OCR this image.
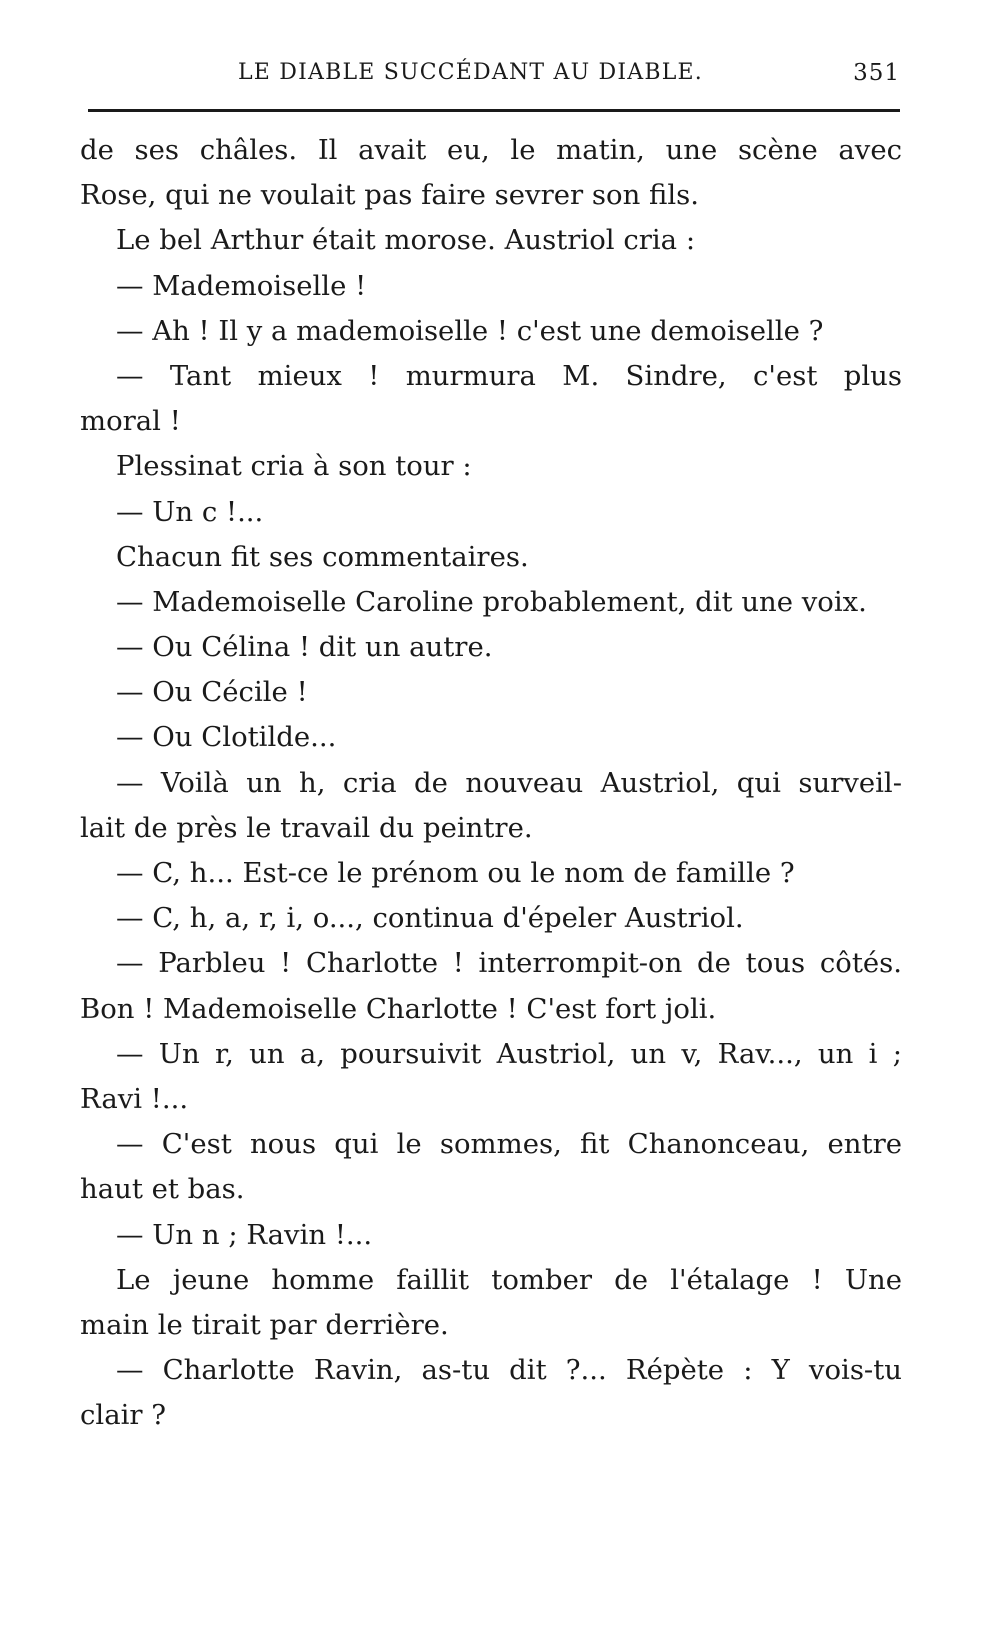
LE DIABLE SUCCÉDANT AU DIABLE.	351
de ses châles. Il avait eu, le matin, une scène avec
Rose, qui ne voulait pas faire sevrer son fils.
Le bel Arthur était morose. Austriol cria :
— Mademoiselle !
— Ah ! Il y a mademoiselle ! c'est une demoiselle ?
— Tant mieux ! murmura M. Sindre, c'est plus
moral !
Plessinat cria à son tour :
— Un c !...
Chacun fit ses commentaires.
— Mademoiselle Caroline probablement, dit une voix.
— Ou Célina ! dit un autre.
— Ou Cécile !
— Ou Clotilde...
— Voilà un h, cria de nouveau Austriol, qui surveil-
lait de près le travail du peintre.
— C, h... Est-ce le prénom ou le nom de famille ?
— C, h, a, r, i, o..., continua d'épeler Austriol.
— Parbleu ! Charlotte ! interrompit-on de tous côtés.
Bon ! Mademoiselle Charlotte ! C'est fort joli.
— Un r, un a, poursuivit Austriol, un v, Rav..., un i ;
Ravi !...
— C'est nous qui le sommes, fit Chanonceau, entre
haut et bas.
— Un n ; Ravin !...
Le jeune homme faillit tomber de l'étalage ! Une
main le tirait par derrière.
— Charlotte Ravin, as-tu dit ?... Répète : Y vois-tu
clair ?
